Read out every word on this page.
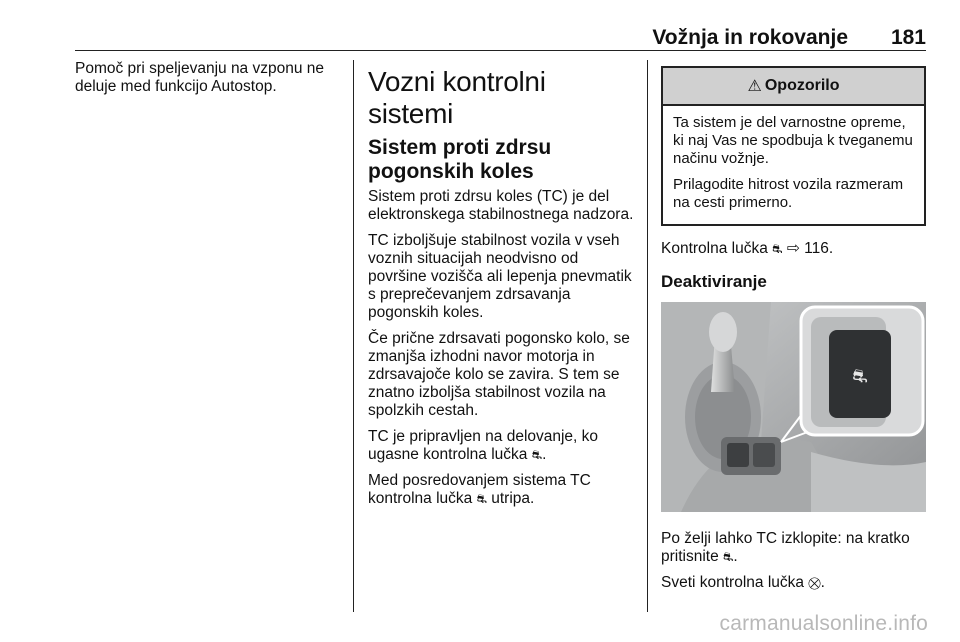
Vožnja in rokovanje 181

Pomoč pri speljevanju na vzponu ne deluje med funkcijo Autostop.	Vozni kontrolni sistemi
Sistem proti zdrsu pogonskih koles

Sistem proti zdrsu koles (TC) je del elektronskega stabilnostnega nadzora.

TC izboljšuje stabilnost vozila v vseh voznih situacijah neodvisno od površine vozišča ali lepenja pnevmatik s preprečevanjem zdrsavanja pogonskih koles.

Če prične zdrsavati pogonsko kolo, se zmanjša izhodni navor motorja in zdrsavajoče kolo se zavira. S tem se znatno izboljša stabilnost vozila na spolzkih cestah.

TC je pripravljen na delovanje, ko ugasne kontrolna lučka ⛐.

Med posredovanjem sistema TC kontrolna lučka ⛐ utripa.

⚠ Opozorilo

Ta sistem je del varnostne opreme, ki naj Vas ne spodbuja k tveganemu načinu vožnje.

Prilagodite hitrost vozila razmeram na cesti primerno.

Kontrolna lučka ⛐ ⇨ 116.

Deaktiviranje
⛐

Po želji lahko TC izklopite: na kratko pritisnite ⛐.

Sveti kontrolna lučka ⛒.

carmanualsonline.info
